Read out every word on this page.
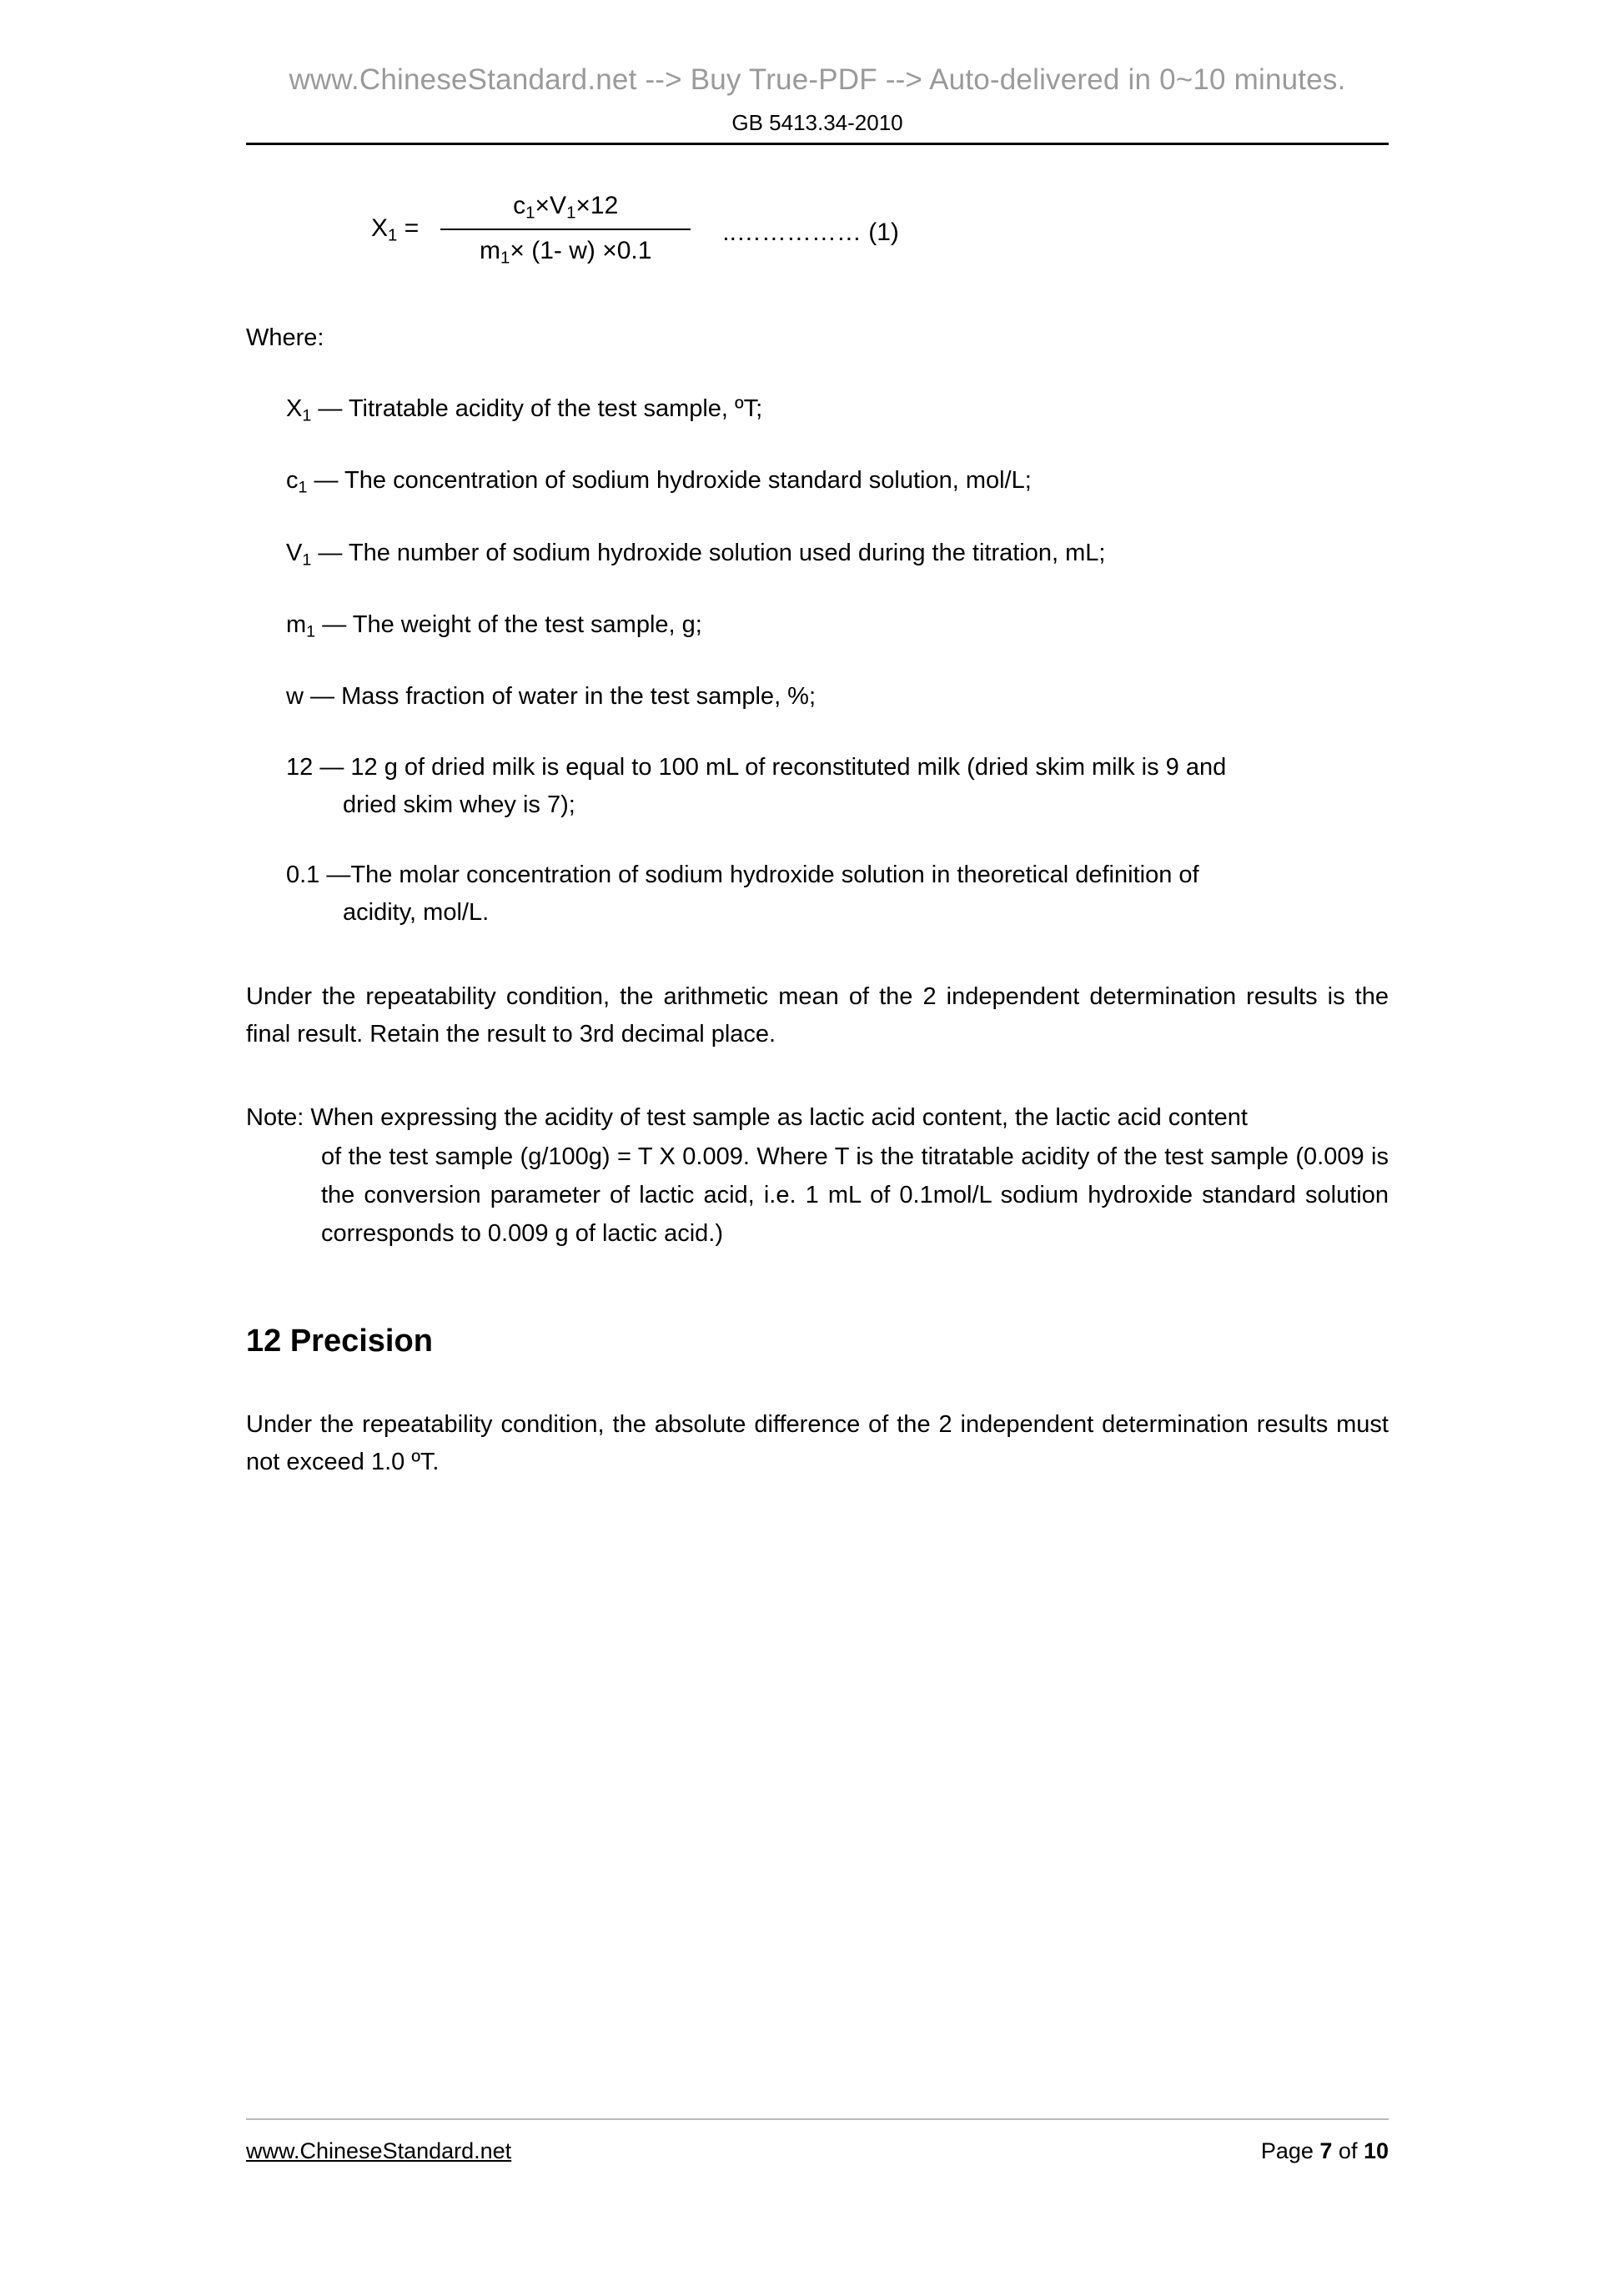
www.ChineseStandard.net --> Buy True-PDF --> Auto-delivered in 0~10 minutes.
GB 5413.34-2010
$X_1 = \frac{c_1\times V_1\times 12}{m_1\times (1- w) \times 0.1}$	..…………… (1)
Where:
$X_1$ — Titratable acidity of the test sample, ºT;
$c_1$ — The concentration of sodium hydroxide standard solution, mol/L;
$V_1$ — The number of sodium hydroxide solution used during the titration, mL;
$m_1$ — The weight of the test sample, g;
w — Mass fraction of water in the test sample, %;
12 — 12 g of dried milk is equal to 100 mL of reconstituted milk (dried skim milk is 9 and
dried skim whey is 7);
0.1 —The molar concentration of sodium hydroxide solution in theoretical definition of
acidity, mol/L.
Under the repeatability condition, the arithmetic mean of the 2 independent determination results is the final result. Retain the result to 3rd decimal place.
Note: When expressing the acidity of test sample as lactic acid content, the lactic acid content
of the test sample (g/100g) = T X 0.009. Where T is the titratable acidity of the test sample (0.009 is the conversion parameter of lactic acid, i.e. 1 mL of 0.1mol/L sodium hydroxide standard solution corresponds to 0.009 g of lactic acid.)
12 Precision
Under the repeatability condition, the absolute difference of the 2 independent determination results must not exceed 1.0 ºT.
www.ChineseStandard.net	Page 7 of 10
